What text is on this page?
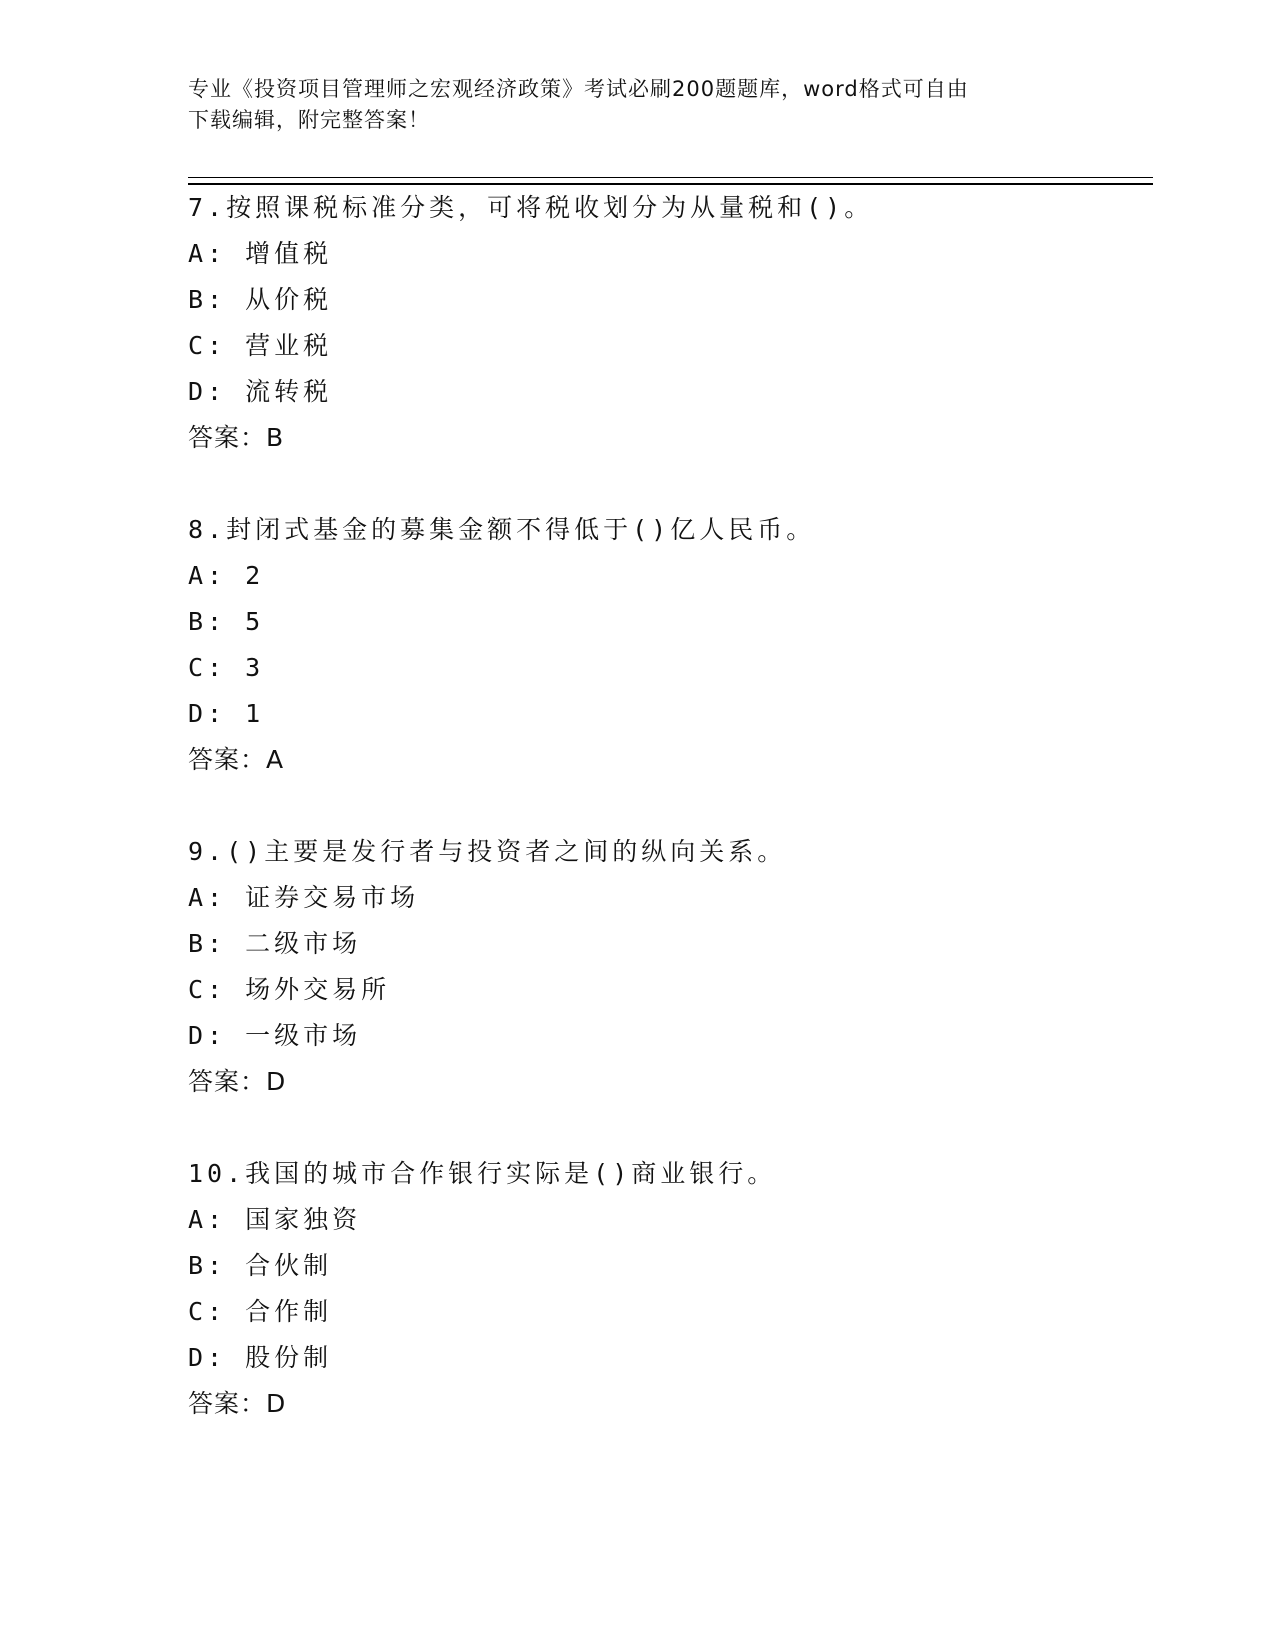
专业《投资项目管理师之宏观经济政策》考试必刷200题题库，word格式可自由
下载编辑，附完整答案！
7.按照课税标准分类，可将税收划分为从量税和()。
A: 增值税
B: 从价税
C: 营业税
D: 流转税
答案：B
8.封闭式基金的募集金额不得低于()亿人民币。
A: 2
B: 5
C: 3
D: 1
答案：A
9.()主要是发行者与投资者之间的纵向关系。
A: 证券交易市场
B: 二级市场
C: 场外交易所
D: 一级市场
答案：D
10.我国的城市合作银行实际是()商业银行。
A: 国家独资
B: 合伙制
C: 合作制
D: 股份制
答案：D
